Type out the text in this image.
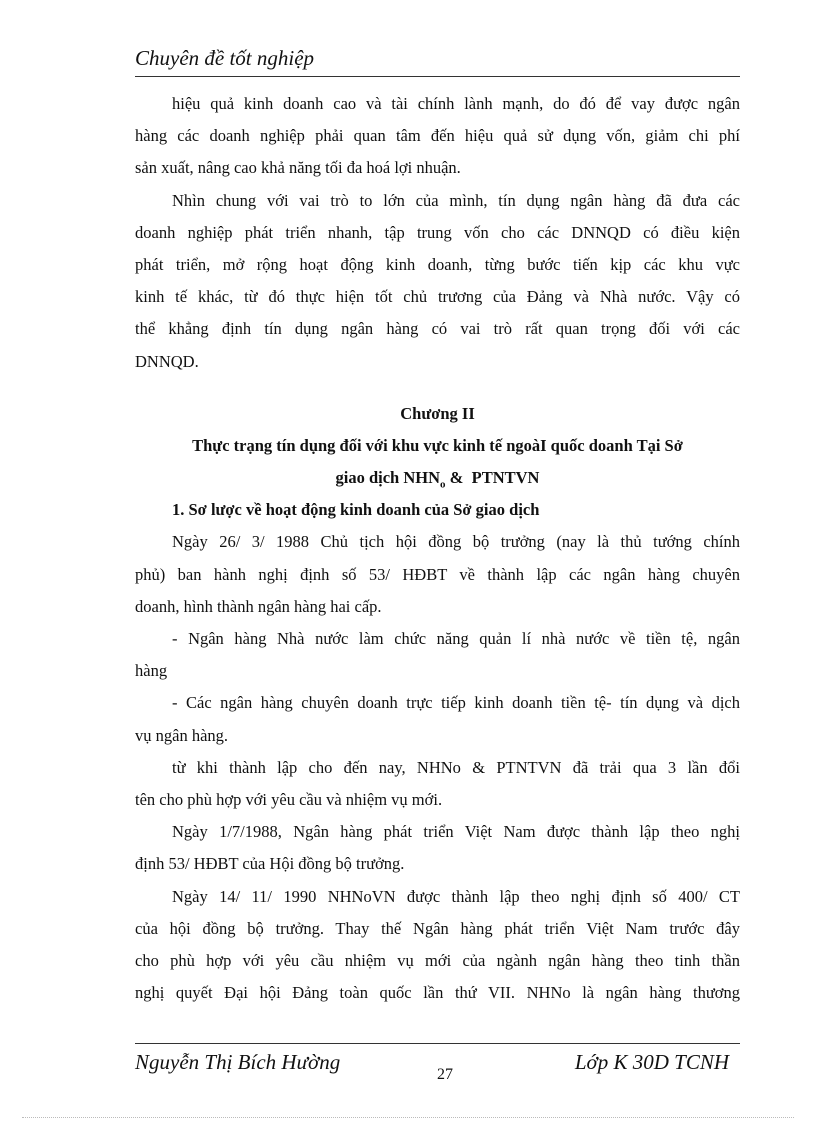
Chuyên đề tốt nghiệp
hiệu quả kinh doanh cao và tài chính lành mạnh, do đó để vay được ngân
hàng các doanh nghiệp phải quan tâm đến hiệu quả sử dụng vốn, giảm chi phí
sản xuất, nâng cao khả năng tối đa hoá lợi nhuận.
Nhìn chung với vai trò to lớn của mình, tín dụng ngân hàng đã đưa các
doanh nghiệp phát triển nhanh, tập trung vốn cho các DNNQD có điều kiện
phát triển, mở rộng hoạt động kinh doanh, từng bước tiến kịp các khu vực
kinh tế khác, từ đó thực hiện tốt chủ trương của Đảng và Nhà nước. Vậy có
thể khẳng định tín dụng ngân hàng có vai trò rất quan trọng đối với các
DNNQD.
Chương II
Thực trạng tín dụng đối với khu vực kinh tế ngoàI quốc doanh Tại Sở
giao dịch $NHN_o$ &  PTNTVN
1. Sơ lược về hoạt động kinh doanh của Sở giao dịch
Ngày 26/ 3/ 1988 Chủ tịch hội đồng bộ trưởng (nay là thủ tướng chính
phủ) ban hành nghị định số 53/ HĐBT về thành lập các ngân hàng chuyên
doanh, hình thành ngân hàng hai cấp.
- Ngân hàng Nhà nước làm chức năng quản lí nhà nước về tiền tệ, ngân
hàng
- Các ngân hàng chuyên doanh trực tiếp kinh doanh tiền tệ- tín dụng và dịch
vụ ngân hàng.
từ khi thành lập cho đến nay, NHNo & PTNTVN đã trải qua 3 lần đổi
tên cho phù hợp với yêu cầu và nhiệm vụ mới.
Ngày 1/7/1988, Ngân hàng phát triển Việt Nam được thành lập theo nghị
định 53/ HĐBT của Hội đồng bộ trưởng.
Ngày 14/ 11/ 1990 NHNoVN được thành lập theo nghị định số 400/ CT
của hội đồng bộ trưởng. Thay thế Ngân hàng phát triển Việt Nam trước đây
cho phù hợp với yêu cầu nhiệm vụ mới của ngành ngân hàng theo tinh thần
nghị quyết Đại hội Đảng toàn quốc lần thứ VII. NHNo là ngân hàng thương
Nguyễn Thị Bích Hường
27
Lớp K 30D TCNH
